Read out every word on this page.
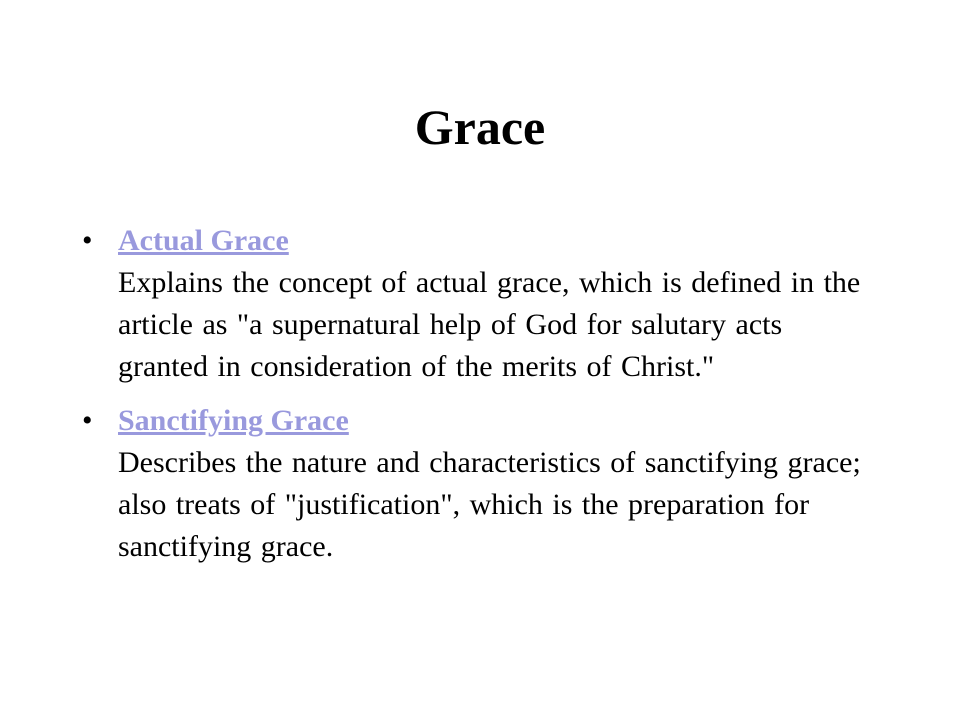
Grace
• Actual Grace
Explains the concept of actual grace, which is defined in the article as "a supernatural help of God for salutary acts granted in consideration of the merits of Christ."
• Sanctifying Grace
Describes the nature and characteristics of sanctifying grace; also treats of "justification", which is the preparation for sanctifying grace.
